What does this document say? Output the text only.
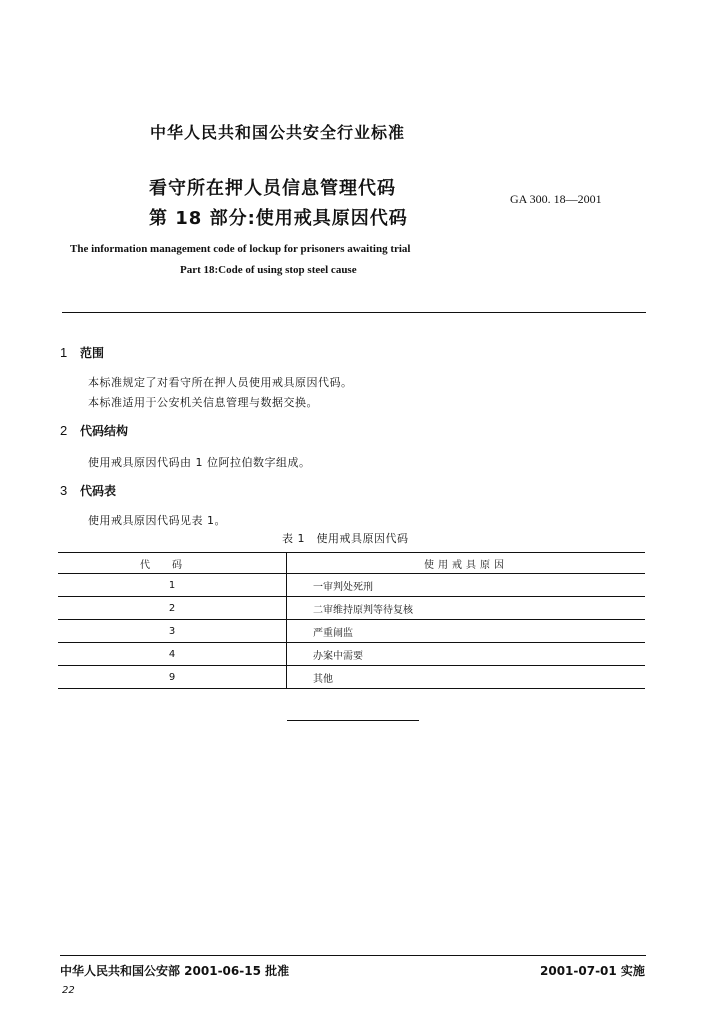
中华人民共和国公共安全行业标准
看守所在押人员信息管理代码
第 18 部分:使用戒具原因代码
GA 300. 18—2001
The information management code of lockup for prisoners awaiting trial
Part 18:Code of using stop steel cause
1 范围
本标准规定了对看守所在押人员使用戒具原因代码。
本标准适用于公安机关信息管理与数据交换。
2 代码结构
使用戒具原因代码由 1 位阿拉伯数字组成。
3 代码表
使用戒具原因代码见表 1。
表 1　使用戒具原因代码
代码	使用戒具原因
1	一审判处死刑
2	二审维持原判等待复核
3	严重闹监
4	办案中需要
9	其他
中华人民共和国公安部 2001-06-15 批准	2001-07-01 实施
22
